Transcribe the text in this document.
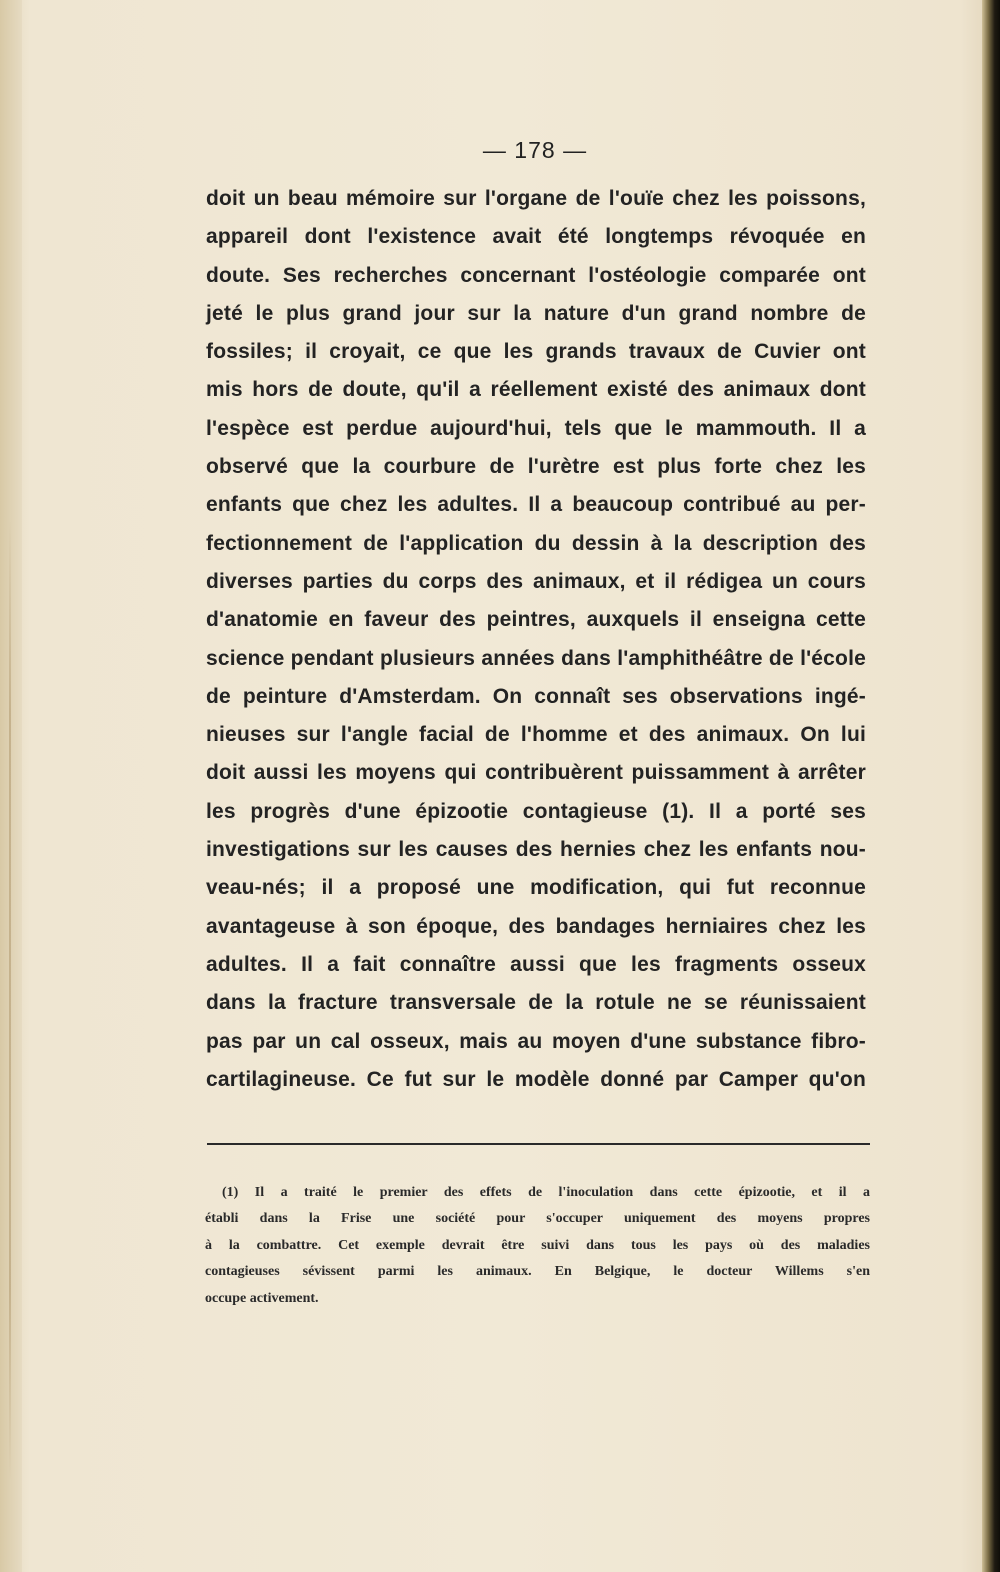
— 178 —
doit un beau mémoire sur l'organe de l'ouïe chez les poissons,
appareil dont l'existence avait été longtemps révoquée en
doute. Ses recherches concernant l'ostéologie comparée ont
jeté le plus grand jour sur la nature d'un grand nombre de
fossiles; il croyait, ce que les grands travaux de Cuvier ont
mis hors de doute, qu'il a réellement existé des animaux dont
l'espèce est perdue aujourd'hui, tels que le mammouth. Il a
observé que la courbure de l'urètre est plus forte chez les
enfants que chez les adultes. Il a beaucoup contribué au per-
fectionnement de l'application du dessin à la description des
diverses parties du corps des animaux, et il rédigea un cours
d'anatomie en faveur des peintres, auxquels il enseigna cette
science pendant plusieurs années dans l'amphithéâtre de l'école
de peinture d'Amsterdam. On connaît ses observations ingé-
nieuses sur l'angle facial de l'homme et des animaux. On lui
doit aussi les moyens qui contribuèrent puissamment à arrêter
les progrès d'une épizootie contagieuse (1). Il a porté ses
investigations sur les causes des hernies chez les enfants nou-
veau-nés; il a proposé une modification, qui fut reconnue
avantageuse à son époque, des bandages herniaires chez les
adultes. Il a fait connaître aussi que les fragments osseux
dans la fracture transversale de la rotule ne se réunissaient
pas par un cal osseux, mais au moyen d'une substance fibro-
cartilagineuse. Ce fut sur le modèle donné par Camper qu'on
(1) Il a traité le premier des effets de l'inoculation dans cette épizootie, et il a
établi dans la Frise une société pour s'occuper uniquement des moyens propres
à la combattre. Cet exemple devrait être suivi dans tous les pays où des maladies
contagieuses sévissent parmi les animaux. En Belgique, le docteur Willems s'en
occupe activement.
